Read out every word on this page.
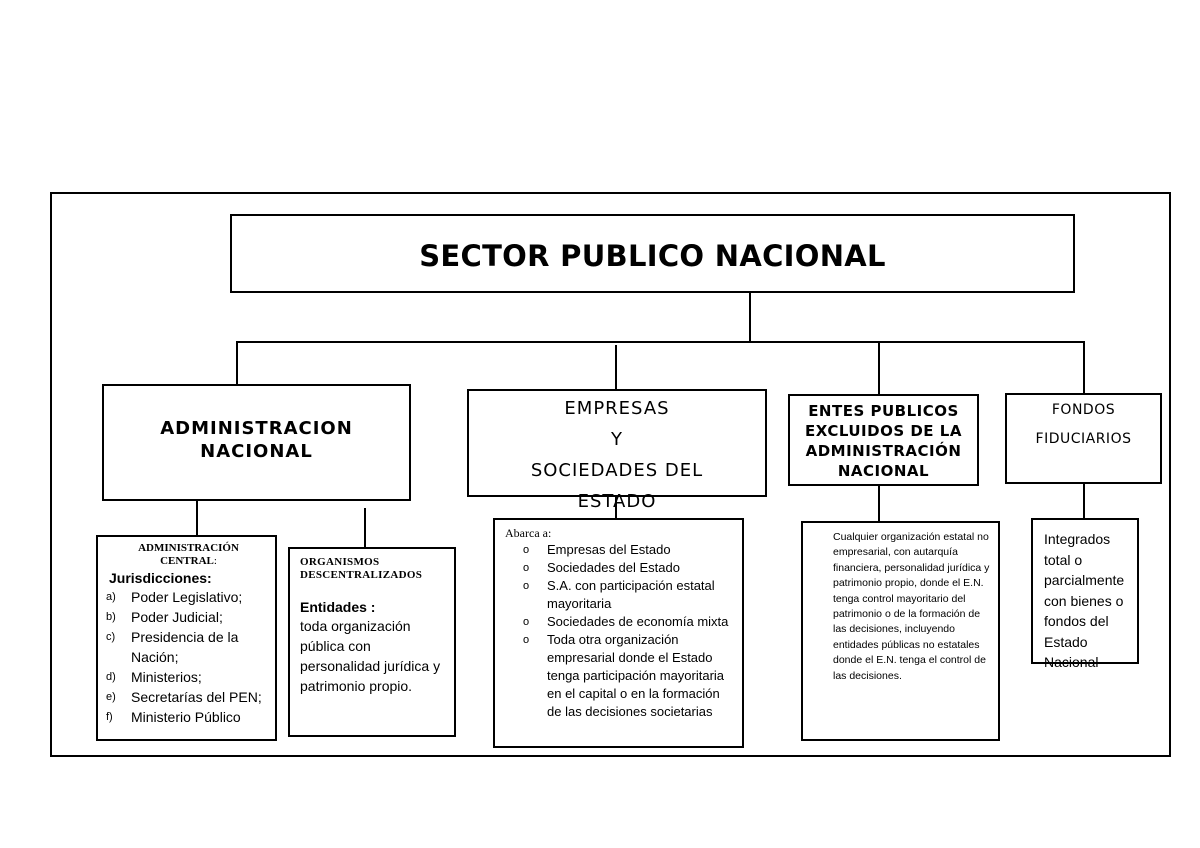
SECTOR PUBLICO NACIONAL
ADMINISTRACION
NACIONAL
EMPRESAS
Y
SOCIEDADES DEL
ESTADO
ENTES PUBLICOS
EXCLUIDOS DE LA
ADMINISTRACIÓN
NACIONAL
FONDOS
FIDUCIARIOS
ADMINISTRACIÓN
CENTRAL:
Jurisdicciones:
a) Poder Legislativo;
b) Poder Judicial;
c) Presidencia de la Nación;
d) Ministerios;
e) Secretarías del PEN;
f) Ministerio Público
ORGANISMOS
DESCENTRALIZADOS
Entidades :
toda organización pública con personalidad jurídica y patrimonio propio.
Abarca a:
o Empresas del Estado
o Sociedades del Estado
o S.A. con participación estatal mayoritaria
o Sociedades de economía mixta
o Toda otra organización empresarial donde el Estado tenga participación mayoritaria en el capital o en la formación de las decisiones societarias
Cualquier organización estatal no empresarial, con autarquía financiera, personalidad jurídica y patrimonio propio, donde el E.N. tenga control mayoritario del patrimonio o de la formación de las decisiones, incluyendo entidades públicas no estatales donde el E.N. tenga el control de las decisiones.
Integrados total o parcialmente con bienes o fondos del Estado Nacional
